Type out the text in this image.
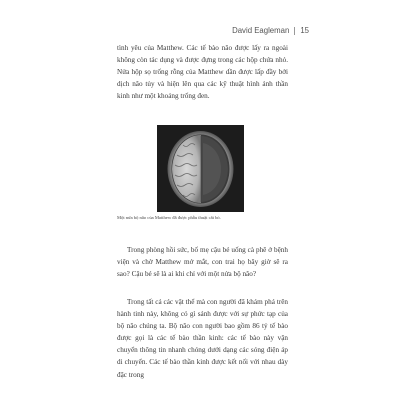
David Eagleman 15

tình yêu của Matthew. Các tế bào não được lấy ra ngoài không còn tác dụng và được đựng trong các hộp chứa nhỏ. Nửa hộp sọ trống rỗng của Matthew dần được lấp đầy bởi dịch não tủy và hiện lên qua các kỹ thuật hình ảnh thần kinh như một khoảng trống đen.

Một nửa bộ não của Matthew đã được phẫu thuật cắt bỏ.

Trong phòng hồi sức, bố mẹ cậu bé uống cà phê ở bệnh viện và chờ Matthew mở mắt, con trai họ bây giờ sẽ ra sao? Cậu bé sẽ là ai khi chỉ với một nửa bộ não?

Trong tất cả các vật thể mà con người đã khám phá trên hành tinh này, không có gì sánh được với sự phức tạp của bộ não chúng ta. Bộ não con người bao gồm 86 tỷ tế bào được gọi là các tế bào thần kinh: các tế bào này vận chuyển thông tin nhanh chóng dưới dạng các sóng điện áp di chuyển. Các tế bào thần kinh được kết nối với nhau dày đặc trong
